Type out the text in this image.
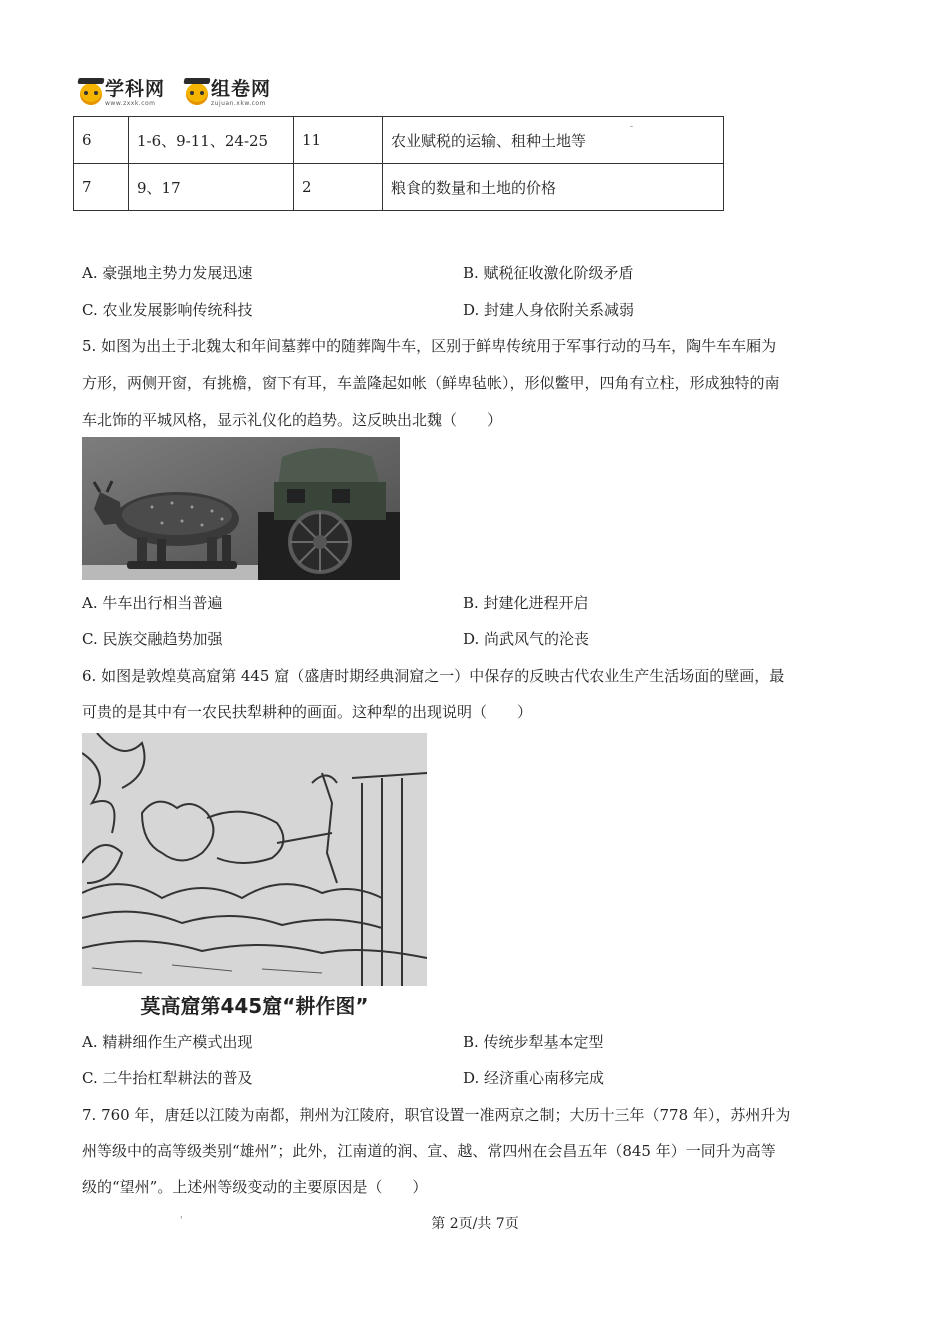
学科网
www.zxxk.com
组卷网
zujuan.xkw.com
6	1-6、9-11、24-25	11	农业赋税的运输、租种土地等
7	9、17	2	粮食的数量和土地的价格
-
A. 豪强地主势力发展迅速	B. 赋税征收激化阶级矛盾
C. 农业发展影响传统科技	D. 封建人身依附关系减弱
5. 如图为出土于北魏太和年间墓葬中的随葬陶牛车，区别于鲜卑传统用于军事行动的马车，陶牛车车厢为
方形，两侧开窗，有挑檐，窗下有耳，车盖隆起如帐（鲜卑毡帐），形似鳖甲，四角有立柱，形成独特的南
车北饰的平城风格，显示礼仪化的趋势。这反映出北魏（　　）
A. 牛车出行相当普遍	B. 封建化进程开启
C. 民族交融趋势加强	D. 尚武风气的沦丧
6. 如图是敦煌莫高窟第 445 窟（盛唐时期经典洞窟之一）中保存的反映古代农业生产生活场面的壁画，最
可贵的是其中有一农民扶犁耕种的画面。这种犁的出现说明（　　）
莫高窟第445窟“耕作图”
A. 精耕细作生产模式出现	B. 传统步犁基本定型
C. 二牛抬杠犁耕法的普及	D. 经济重心南移完成
7. 760 年，唐廷以江陵为南都，荆州为江陵府，职官设置一准两京之制；大历十三年（778 年），苏州升为
州等级中的高等级类别“雄州”；此外，江南道的润、宣、越、常四州在会昌五年（845 年）一同升为高等
级的“望州”。上述州等级变动的主要原因是（　　）
'	第 2页/共 7页
